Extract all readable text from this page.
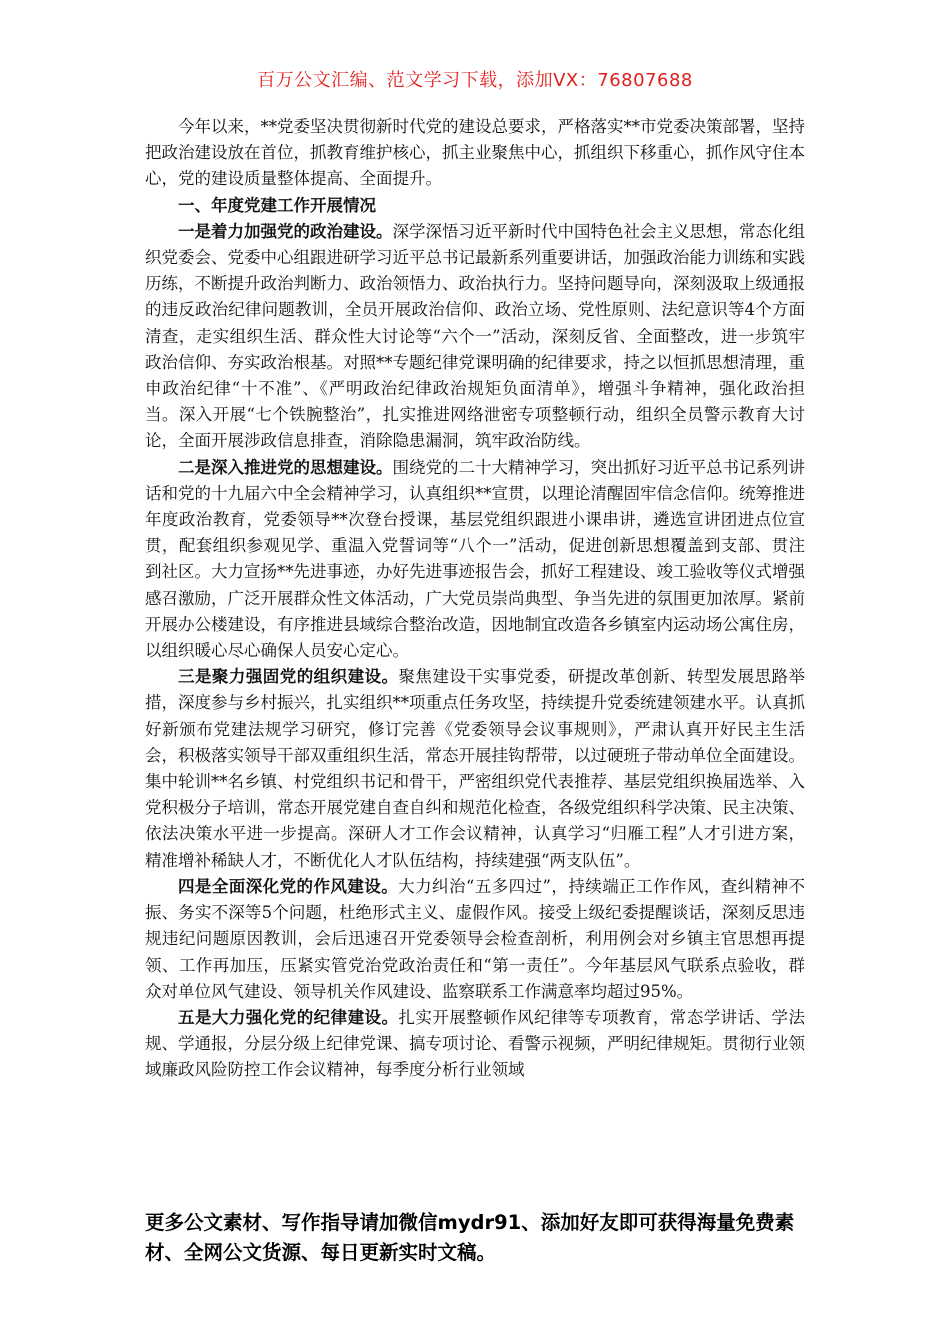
百万公文汇编、范文学习下载，添加VX：76807688

今年以来，**党委坚决贯彻新时代党的建设总要求，严格落实**市党委决策部署，坚持把政治建设放在首位，抓教育维护核心，抓主业聚焦中心，抓组织下移重心，抓作风守住本心，党的建设质量整体提高、全面提升。

一、年度党建工作开展情况

一是着力加强党的政治建设。深学深悟习近平新时代中国特色社会主义思想，常态化组织党委会、党委中心组跟进研学习近平总书记最新系列重要讲话，加强政治能力训练和实践历练，不断提升政治判断力、政治领悟力、政治执行力。坚持问题导向，深刻汲取上级通报的违反政治纪律问题教训，全员开展政治信仰、政治立场、党性原则、法纪意识等4个方面清查，走实组织生活、群众性大讨论等“六个一”活动，深刻反省、全面整改，进一步筑牢政治信仰、夯实政治根基。对照**专题纪律党课明确的纪律要求，持之以恒抓思想清理，重申政治纪律“十不准”、《严明政治纪律政治规矩负面清单》，增强斗争精神，强化政治担当。深入开展“七个铁腕整治”，扎实推进网络泄密专项整顿行动，组织全员警示教育大讨论，全面开展涉政信息排查，消除隐患漏洞，筑牢政治防线。

二是深入推进党的思想建设。围绕党的二十大精神学习，突出抓好习近平总书记系列讲话和党的十九届六中全会精神学习，认真组织**宣贯，以理论清醒固牢信念信仰。统筹推进年度政治教育，党委领导**次登台授课，基层党组织跟进小课串讲，遴选宣讲团进点位宣贯，配套组织参观见学、重温入党誓词等“八个一”活动，促进创新思想覆盖到支部、贯注到社区。大力宣扬**先进事迹，办好先进事迹报告会，抓好工程建设、竣工验收等仪式增强感召激励，广泛开展群众性文体活动，广大党员崇尚典型、争当先进的氛围更加浓厚。紧前开展办公楼建设，有序推进县域综合整治改造，因地制宜改造各乡镇室内运动场公寓住房，以组织暖心尽心确保人员安心定心。

三是聚力强固党的组织建设。聚焦建设干实事党委，研提改革创新、转型发展思路举措，深度参与乡村振兴，扎实组织**项重点任务攻坚，持续提升党委统建领建水平。认真抓好新颁布党建法规学习研究，修订完善《党委领导会议事规则》，严肃认真开好民主生活会，积极落实领导干部双重组织生活，常态开展挂钩帮带，以过硬班子带动单位全面建设。集中轮训**名乡镇、村党组织书记和骨干，严密组织党代表推荐、基层党组织换届选举、入党积极分子培训，常态开展党建自查自纠和规范化检查，各级党组织科学决策、民主决策、依法决策水平进一步提高。深研人才工作会议精神，认真学习“归雁工程”人才引进方案，精准增补稀缺人才，不断优化人才队伍结构，持续建强“两支队伍”。

四是全面深化党的作风建设。大力纠治“五多四过”，持续端正工作作风，查纠精神不振、务实不深等5个问题，杜绝形式主义、虚假作风。接受上级纪委提醒谈话，深刻反思违规违纪问题原因教训，会后迅速召开党委领导会检查剖析，利用例会对乡镇主官思想再提领、工作再加压，压紧实管党治党政治责任和“第一责任”。今年基层风气联系点验收，群众对单位风气建设、领导机关作风建设、监察联系工作满意率均超过95%。

五是大力强化党的纪律建设。扎实开展整顿作风纪律等专项教育，常态学讲话、学法规、学通报，分层分级上纪律党课、搞专项讨论、看警示视频，严明纪律规矩。贯彻行业领域廉政风险防控工作会议精神，每季度分析行业领域

更多公文素材、写作指导请加微信mydr91、添加好友即可获得海量免费素材、全网公文货源、每日更新实时文稿。
